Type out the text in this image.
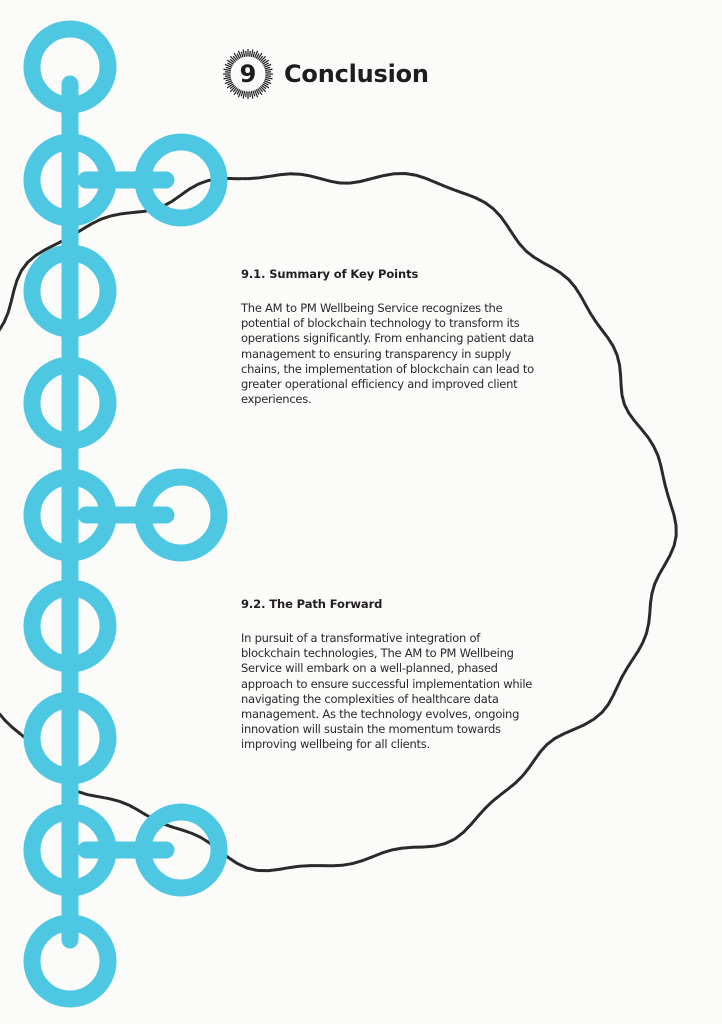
9	Conclusion
9.1. Summary of Key Points

The AM to PM Wellbeing Service recognizes the potential of blockchain technology to transform its operations significantly. From enhancing patient data management to ensuring transparency in supply chains, the implementation of blockchain can lead to greater operational efficiency and improved client experiences.

9.2. The Path Forward

In pursuit of a transformative integration of blockchain technologies, The AM to PM Wellbeing Service will embark on a well-planned, phased approach to ensure successful implementation while navigating the complexities of healthcare data management. As the technology evolves, ongoing innovation will sustain the momentum towards improving wellbeing for all clients.
